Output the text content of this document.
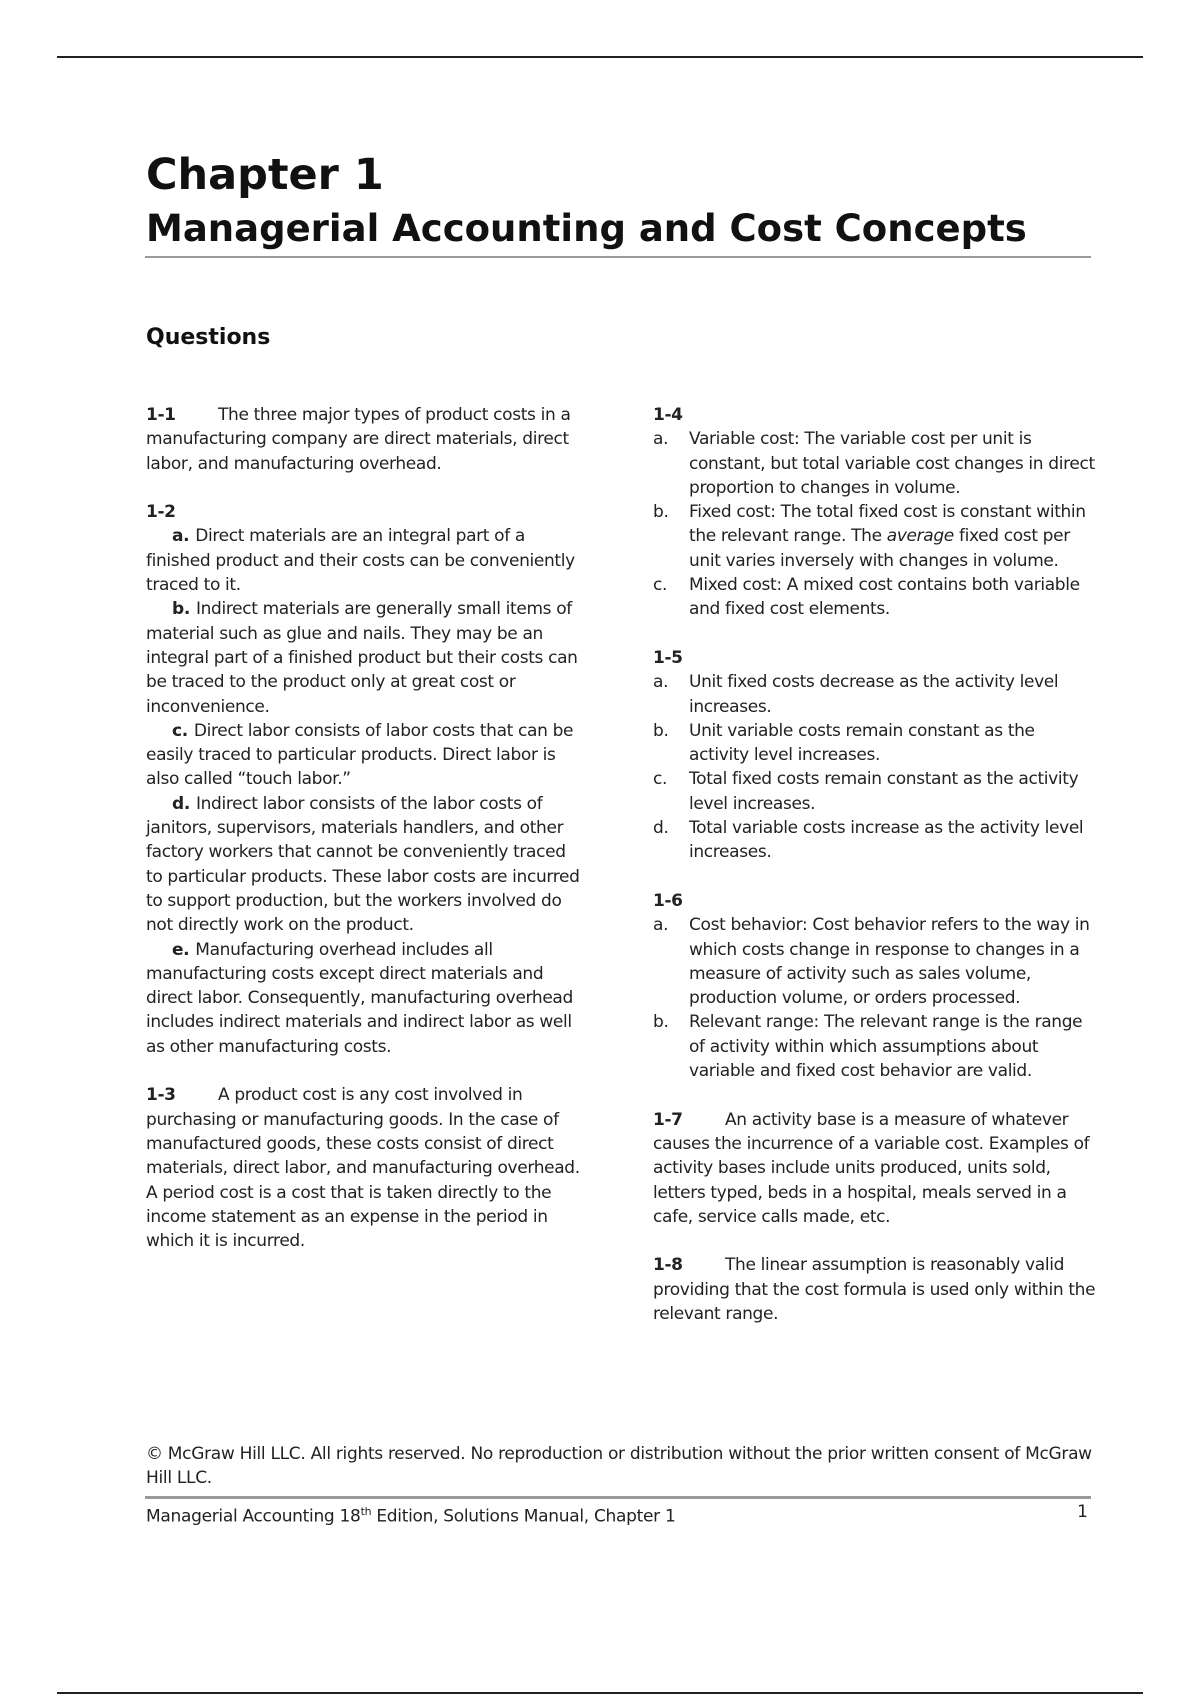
Chapter 1
Managerial Accounting and Cost Concepts
Questions
1-1 The three major types of product costs in a manufacturing company are direct materials, direct labor, and manufacturing overhead.
1-2
a. Direct materials are an integral part of a finished product and their costs can be conveniently traced to it.
b. Indirect materials are generally small items of material such as glue and nails. They may be an integral part of a finished product but their costs can be traced to the product only at great cost or inconvenience.
c. Direct labor consists of labor costs that can be easily traced to particular products. Direct labor is also called “touch labor.”
d. Indirect labor consists of the labor costs of janitors, supervisors, materials handlers, and other factory workers that cannot be conveniently traced to particular products. These labor costs are incurred to support production, but the workers involved do not directly work on the product.
e. Manufacturing overhead includes all manufacturing costs except direct materials and direct labor. Consequently, manufacturing overhead includes indirect materials and indirect labor as well as other manufacturing costs.
1-3 A product cost is any cost involved in purchasing or manufacturing goods. In the case of manufactured goods, these costs consist of direct materials, direct labor, and manufacturing overhead. A period cost is a cost that is taken directly to the income statement as an expense in the period in which it is incurred.
1-4
a.	Variable cost: The variable cost per unit is constant, but total variable cost changes in direct proportion to changes in volume.
b.	Fixed cost: The total fixed cost is constant within the relevant range. The average fixed cost per unit varies inversely with changes in volume.
c.	Mixed cost: A mixed cost contains both variable and fixed cost elements.
1-5
a.	Unit fixed costs decrease as the activity level increases.
b.	Unit variable costs remain constant as the activity level increases.
c.	Total fixed costs remain constant as the activity level increases.
d.	Total variable costs increase as the activity level increases.
1-6
a.	Cost behavior: Cost behavior refers to the way in which costs change in response to changes in a measure of activity such as sales volume, production volume, or orders processed.
b.	Relevant range: The relevant range is the range of activity within which assumptions about variable and fixed cost behavior are valid.
1-7 An activity base is a measure of whatever causes the incurrence of a variable cost. Examples of activity bases include units produced, units sold, letters typed, beds in a hospital, meals served in a cafe, service calls made, etc.
1-8 The linear assumption is reasonably valid providing that the cost formula is used only within the relevant range.
© McGraw Hill LLC. All rights reserved. No reproduction or distribution without the prior written consent of McGraw Hill LLC.
Managerial Accounting 18th Edition, Solutions Manual, Chapter 1	1
